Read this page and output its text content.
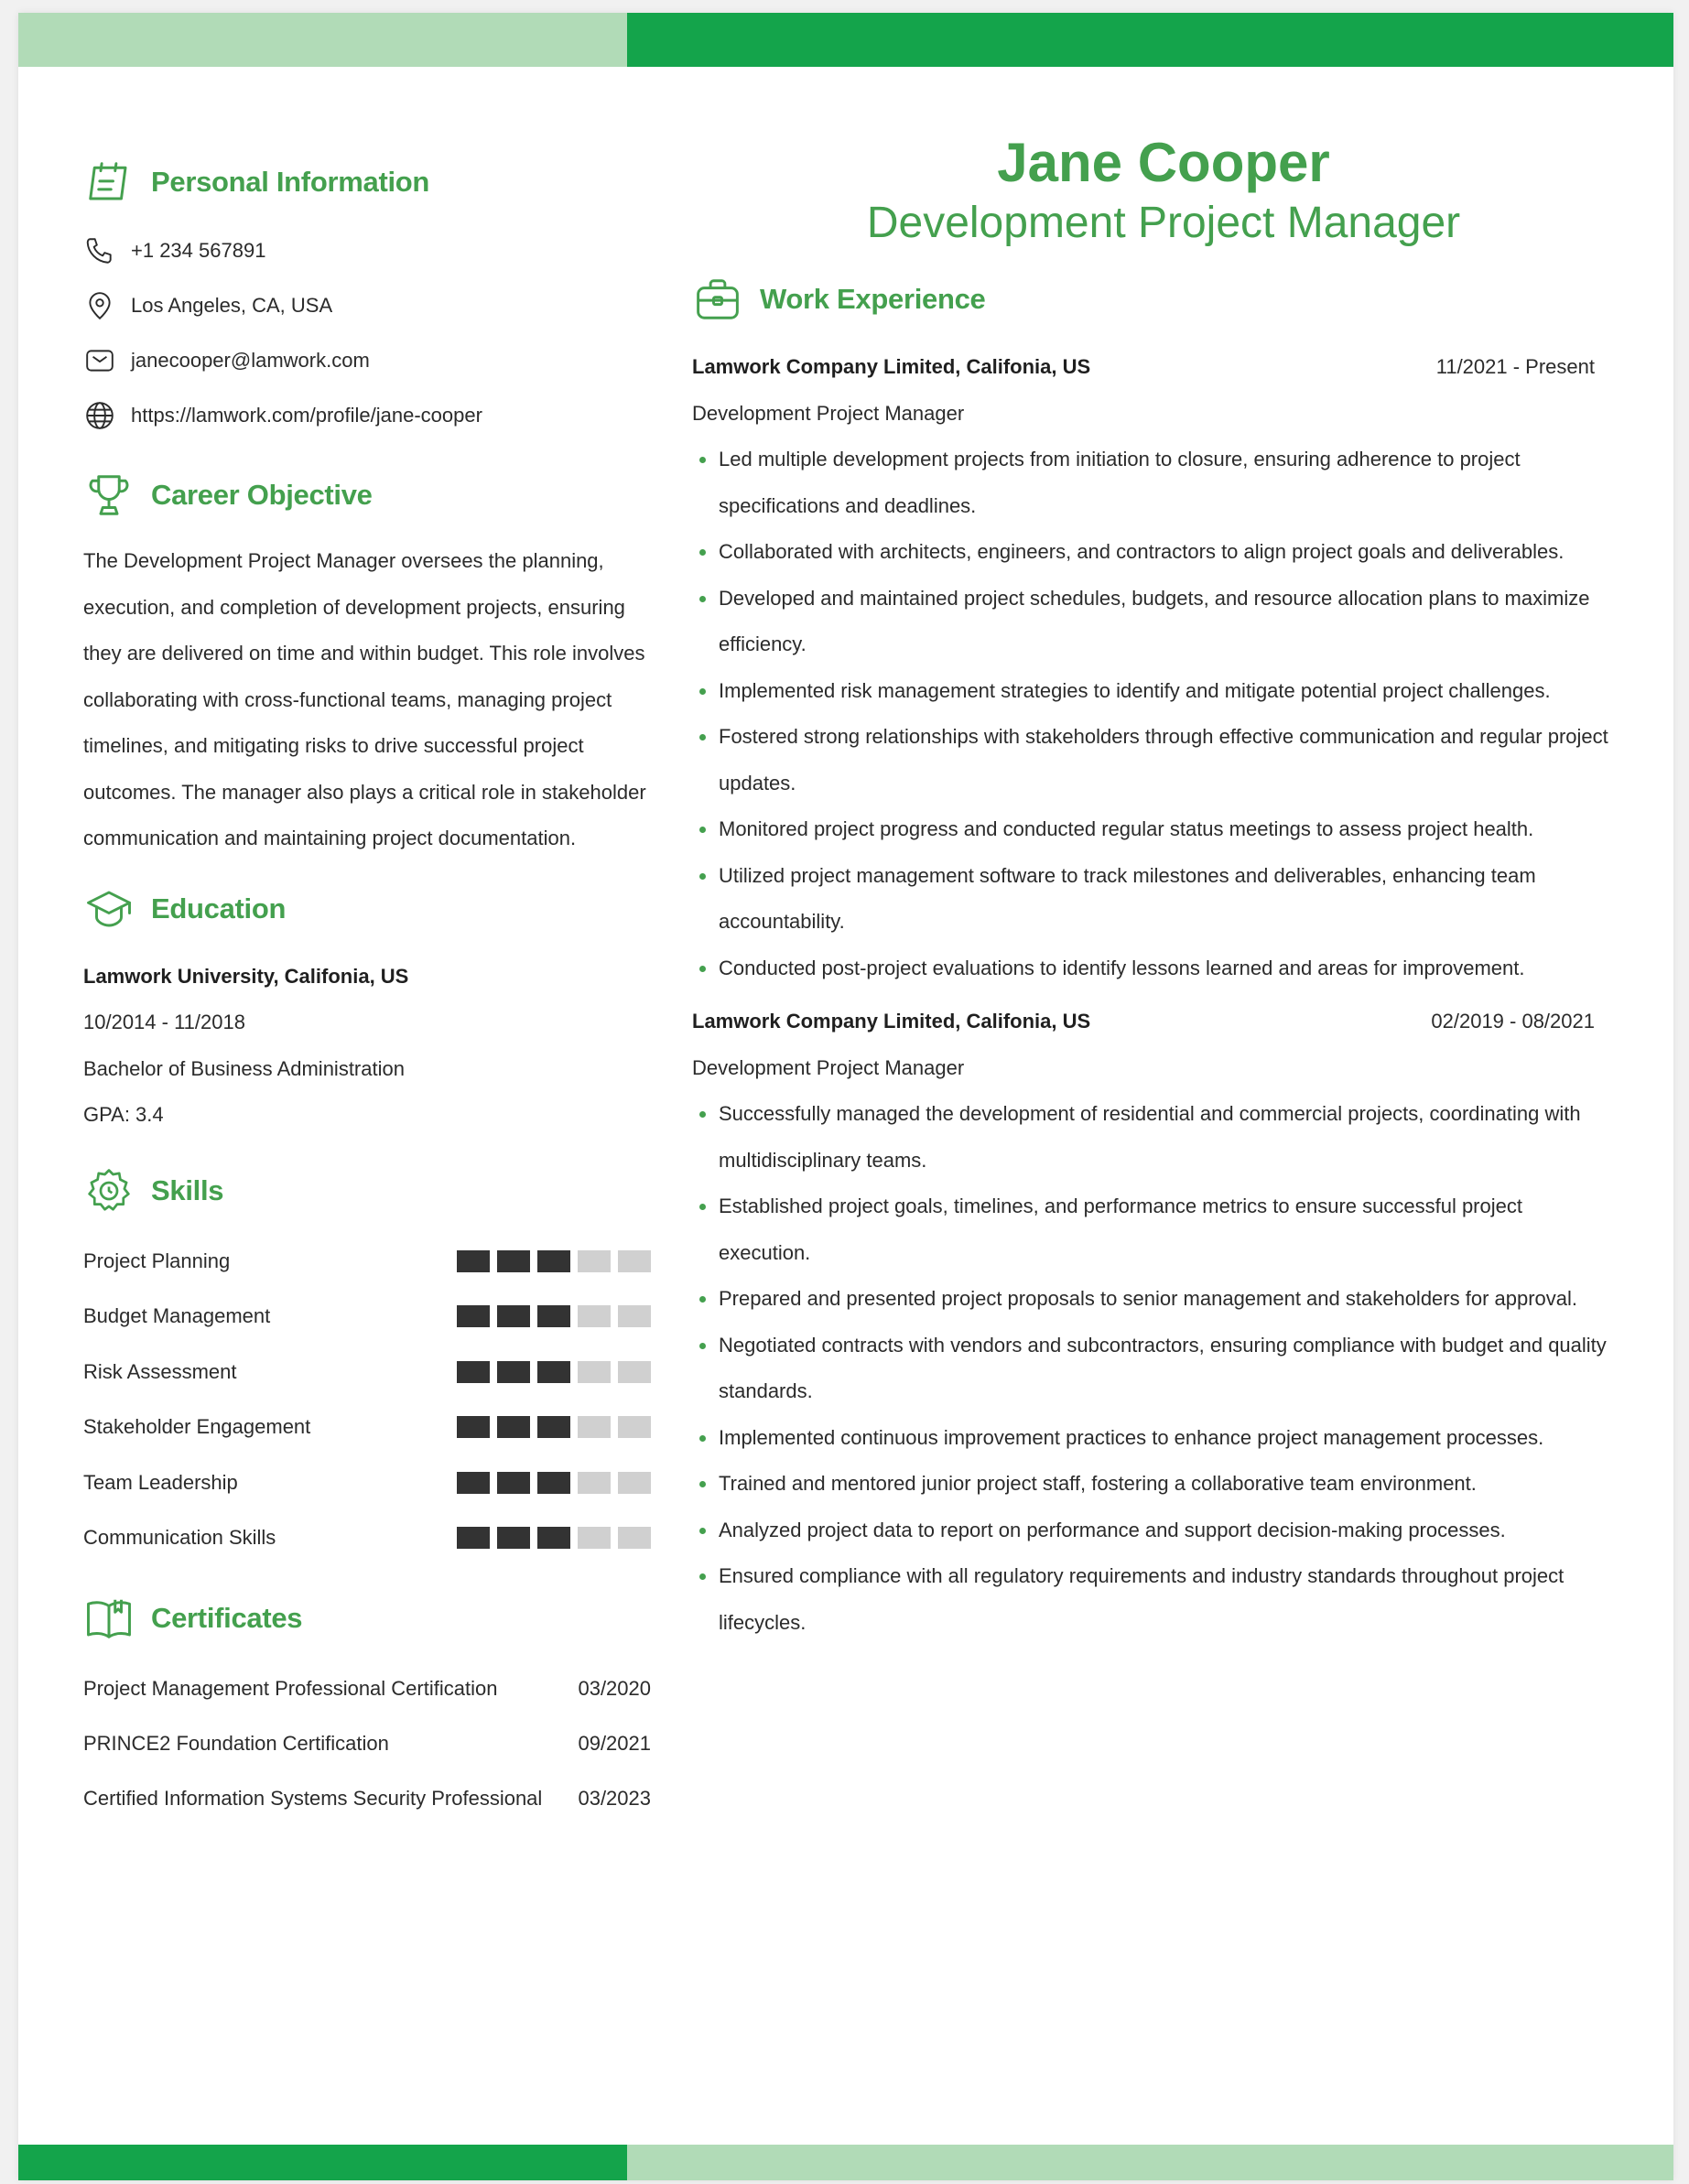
Personal Information
+1 234 567891
Los Angeles, CA, USA
janecooper@lamwork.com
https://lamwork.com/profile/jane-cooper
Career Objective

The Development Project Manager oversees the planning, execution, and completion of development projects, ensuring they are delivered on time and within budget. This role involves collaborating with cross-functional teams, managing project timelines, and mitigating risks to drive successful project outcomes. The manager also plays a critical role in stakeholder communication and maintaining project documentation.

Education
Lamwork University, Califonia, US
10/2014 - 11/2018
Bachelor of Business Administration
GPA: 3.4
Skills
Project Planning
Budget Management
Risk Assessment
Stakeholder Engagement
Team Leadership
Communication Skills
Certificates
Project Management Professional Certification	03/2020
PRINCE2 Foundation Certification	09/2021
Certified Information Systems Security Professional 03/2023
Jane Cooper
Development Project Manager
Work Experience
Lamwork Company Limited, Califonia, US	11/2021 - Present
Development Project Manager
Led multiple development projects from initiation to closure, ensuring adherence to project specifications and deadlines.
Collaborated with architects, engineers, and contractors to align project goals and deliverables.
Developed and maintained project schedules, budgets, and resource allocation plans to maximize efficiency.
Implemented risk management strategies to identify and mitigate potential project challenges.
Fostered strong relationships with stakeholders through effective communication and regular project updates.
Monitored project progress and conducted regular status meetings to assess project health.
Utilized project management software to track milestones and deliverables, enhancing team accountability.
Conducted post-project evaluations to identify lessons learned and areas for improvement.
Lamwork Company Limited, Califonia, US	02/2019 - 08/2021
Development Project Manager
Successfully managed the development of residential and commercial projects, coordinating with multidisciplinary teams.
Established project goals, timelines, and performance metrics to ensure successful project execution.
Prepared and presented project proposals to senior management and stakeholders for approval.
Negotiated contracts with vendors and subcontractors, ensuring compliance with budget and quality standards.
Implemented continuous improvement practices to enhance project management processes.
Trained and mentored junior project staff, fostering a collaborative team environment.
Analyzed project data to report on performance and support decision-making processes.
Ensured compliance with all regulatory requirements and industry standards throughout project lifecycles.
